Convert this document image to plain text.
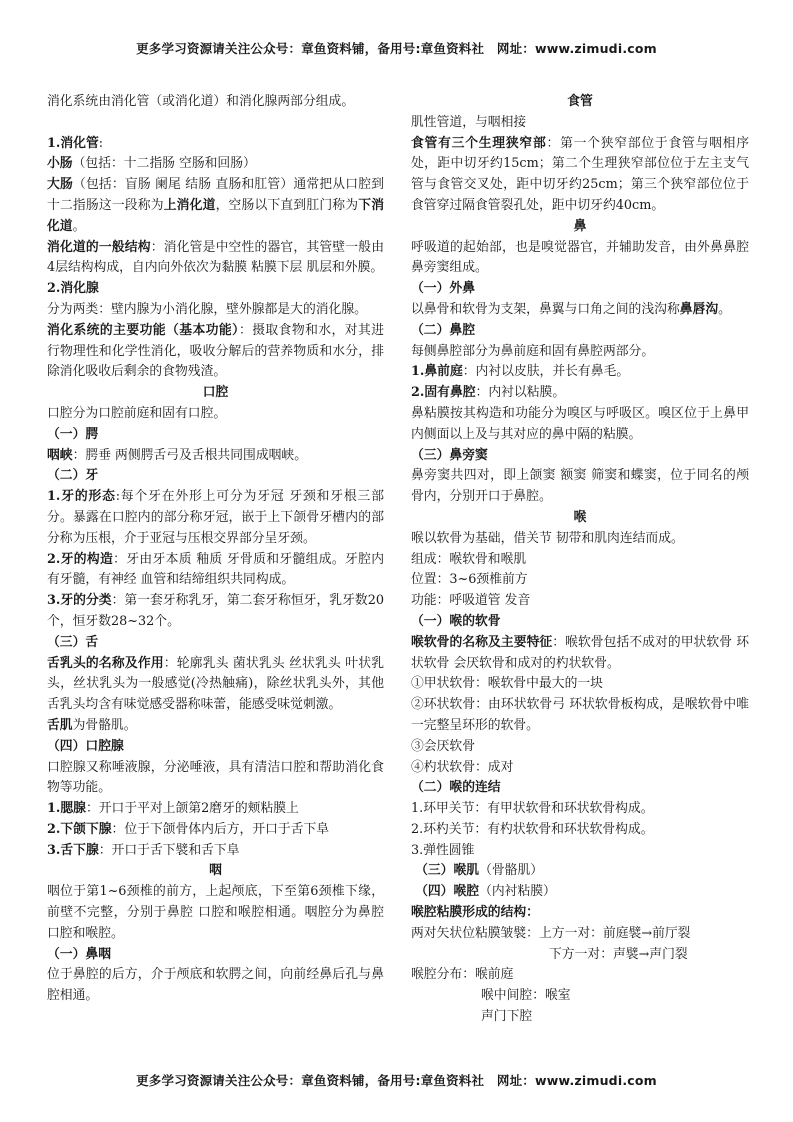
更多学习资源请关注公众号：章鱼资料铺，备用号:章鱼资料社　网址：www.zimudi.com

消化系统由消化管（或消化道）和消化腺两部分组成。

1.消化管:

小肠（包括：十二指肠 空肠和回肠）

大肠（包括：盲肠 阑尾 结肠 直肠和肛管）通常把从口腔到十二指肠这一段称为上消化道，空肠以下直到肛门称为下消化道。

消化道的一般结构：消化管是中空性的器官，其管壁一般由4层结构构成，自内向外依次为黏膜 粘膜下层 肌层和外膜。

2.消化腺

分为两类：壁内腺为小消化腺，壁外腺都是大的消化腺。

消化系统的主要功能（基本功能）：摄取食物和水，对其进行物理性和化学性消化，吸收分解后的营养物质和水分，排除消化吸收后剩余的食物残渣。

口腔

口腔分为口腔前庭和固有口腔。

（一）腭

咽峡：腭垂 两侧腭舌弓及舌根共同围成咽峡。

（二）牙

1.牙的形态:每个牙在外形上可分为牙冠 牙颈和牙根三部分。暴露在口腔内的部分称牙冠，嵌于上下颌骨牙槽内的部分称为压根，介于亚冠与压根交界部分呈牙颈。

2.牙的构造：牙由牙本质 釉质 牙骨质和牙髓组成。牙腔内有牙髓，有神经 血管和结缔组织共同构成。

3.牙的分类：第一套牙称乳牙，第二套牙称恒牙，乳牙数20个，恒牙数28~32个。

（三）舌

舌乳头的名称及作用：轮廓乳头 菌状乳头 丝状乳头 叶状乳头，丝状乳头为一般感觉(冷热触痛)，除丝状乳头外，其他舌乳头均含有味觉感受器称味蕾，能感受味觉刺激。

舌肌为骨骼肌。

（四）口腔腺

口腔腺又称唾液腺，分泌唾液，具有清洁口腔和帮助消化食物等功能。

1.腮腺：开口于平对上颌第2磨牙的颊粘膜上

2.下颌下腺：位于下颌骨体内后方，开口于舌下阜

3.舌下腺：开口于舌下襞和舌下阜

咽

咽位于第1~6颈椎的前方，上起颅底，下至第6颈椎下缘，前壁不完整，分别于鼻腔 口腔和喉腔相通。咽腔分为鼻腔 口腔和喉腔。

（一）鼻咽

位于鼻腔的后方，介于颅底和软腭之间，向前经鼻后孔与鼻腔相通。

食管

肌性管道，与咽相接

食管有三个生理狭窄部：第一个狭窄部位于食管与咽相序处，距中切牙约15cm；第二个生理狭窄部位位于左主支气管与食管交叉处，距中切牙约25cm；第三个狭窄部位位于食管穿过隔食管裂孔处，距中切牙约40cm。

鼻

呼吸道的起始部，也是嗅觉器官，并辅助发音，由外鼻鼻腔 鼻旁窦组成。

（一）外鼻

以鼻骨和软骨为支架，鼻翼与口角之间的浅沟称鼻唇沟。

（二）鼻腔

每侧鼻腔部分为鼻前庭和固有鼻腔两部分。

1.鼻前庭：内衬以皮肤，并长有鼻毛。

2.固有鼻腔：内衬以粘膜。

鼻粘膜按其构造和功能分为嗅区与呼吸区。嗅区位于上鼻甲内侧面以上及与其对应的鼻中隔的粘膜。

（三）鼻旁窦

鼻旁窦共四对，即上颌窦 额窦 筛窦和蝶窦，位于同名的颅骨内，分别开口于鼻腔。

喉

喉以软骨为基础，借关节 韧带和肌肉连结而成。

组成：喉软骨和喉肌

位置：3~6颈椎前方

功能：呼吸道管 发音

（一）喉的软骨

喉软骨的名称及主要特征：喉软骨包括不成对的甲状软骨 环状软骨 会厌软骨和成对的杓状软骨。

①甲状软骨：喉软骨中最大的一块

②环状软骨：由环状软骨弓 环状软骨板构成，是喉软骨中唯一完整呈环形的软骨。

③会厌软骨

④杓状软骨：成对

（二）喉的连结

1.环甲关节：有甲状软骨和环状软骨构成。

2.环杓关节：有杓状软骨和环状软骨构成。

3.弹性圆锥

（三）喉肌（骨骼肌）

（四）喉腔（内衬粘膜）

喉腔粘膜形成的结构：

两对矢状位粘膜皱襞：上方一对：前庭襞→前厅裂

下方一对：声襞→声门裂

喉腔分布：喉前庭

喉中间腔：喉室

声门下腔

更多学习资源请关注公众号：章鱼资料铺，备用号:章鱼资料社　网址：www.zimudi.com
